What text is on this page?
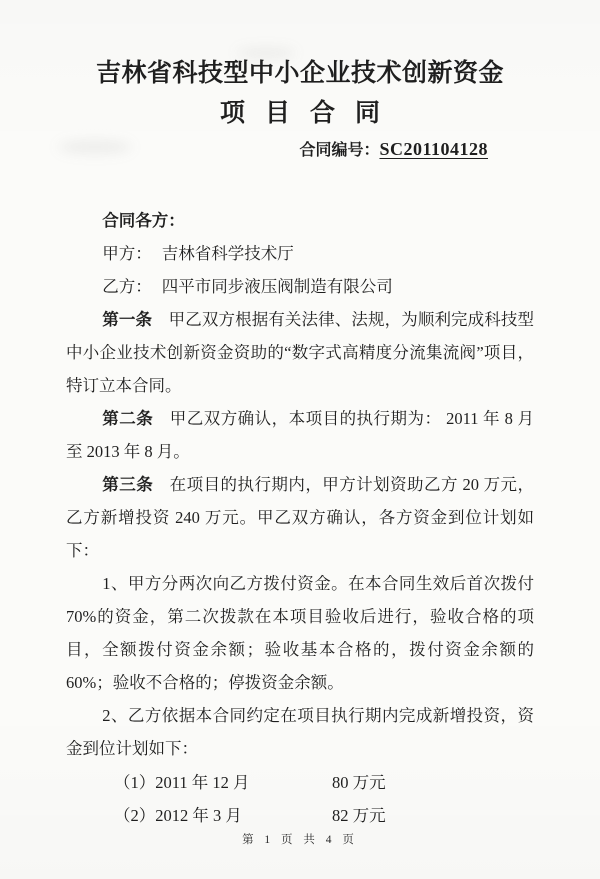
吉林省科技型中小企业技术创新资金
项目合同
合同编号：SC201104128

合同各方：

甲方： 吉林省科学技术厅

乙方： 四平市同步液压阀制造有限公司

第一条 甲乙双方根据有关法律、法规，为顺利完成科技型中小企业技术创新资金资助的“数字式高精度分流集流阀”项目，特订立本合同。

第二条 甲乙双方确认，本项目的执行期为： 2011 年 8 月 至 2013 年 8 月。

第三条 在项目的执行期内，甲方计划资助乙方 20 万元，乙方新增投资 240 万元。甲乙双方确认，各方资金到位计划如下：

1、甲方分两次向乙方拨付资金。在本合同生效后首次拨付 70%的资金，第二次拨款在本项目验收后进行，验收合格的项目，全额拨付资金余额；验收基本合格的，拨付资金余额的 60%；验收不合格的；停拨资金余额。

2、乙方依据本合同约定在项目执行期内完成新增投资，资金到位计划如下：

（1）2011 年 12 月	80 万元
（2）2012 年 3 月	82 万元
第 1 页 共 4 页
